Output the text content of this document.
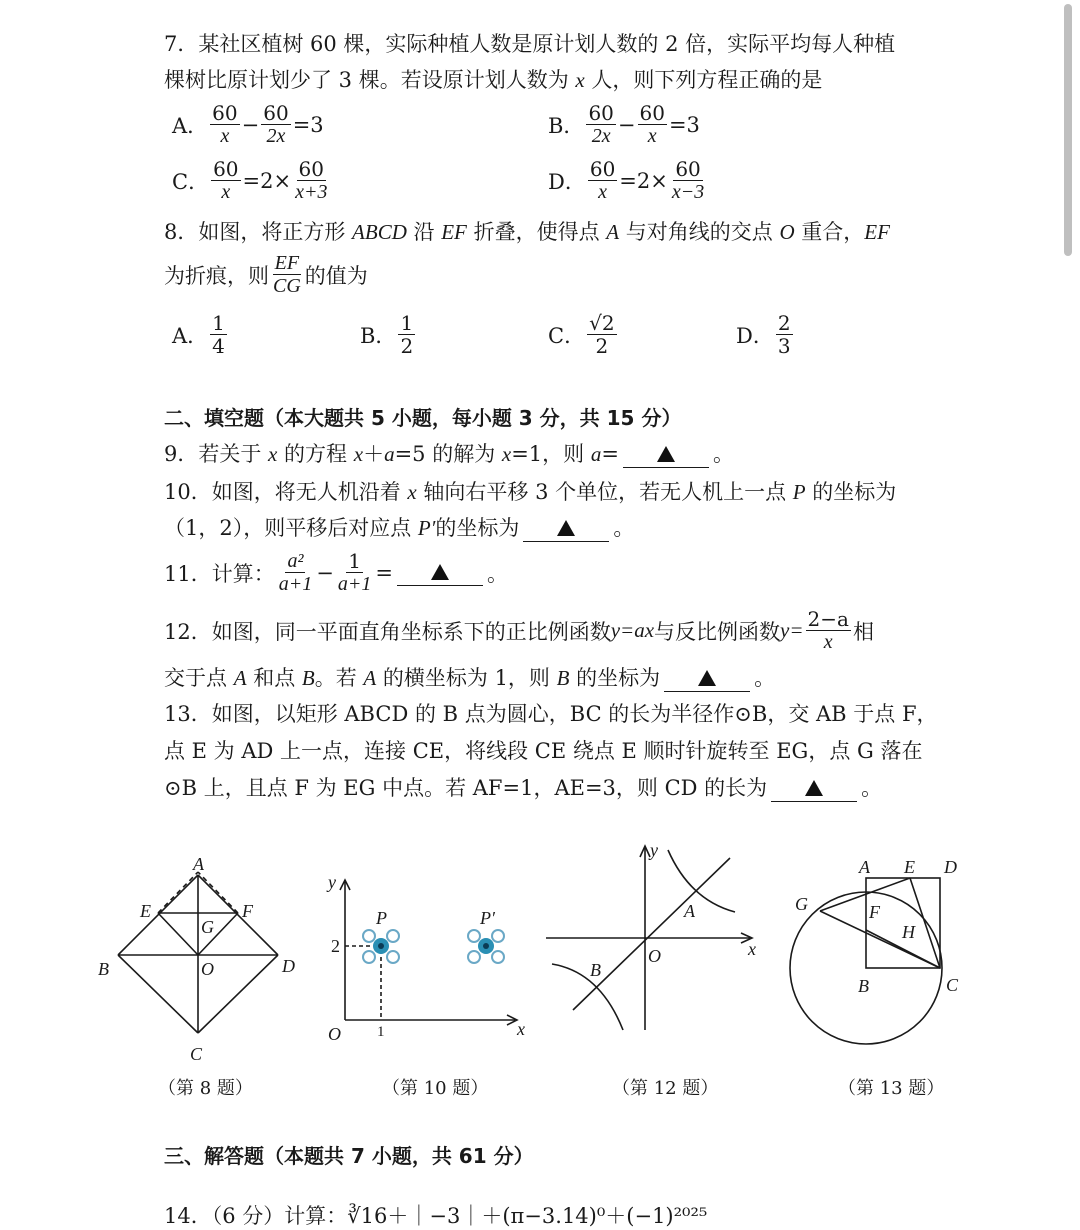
7．某社区植树 60 棵，实际种植人数是原计划人数的 2 倍，实际平均每人种植
棵树比原计划少了 3 棵。若设原计划人数为 x 人，则下列方程正确的是
A． $\frac{60}{x} - \frac{60}{2x} =3$	B． $\frac{60}{2x} - \frac{60}{x} =3$
C． $\frac{60}{x} =2\times \frac{60}{x+3}$	D． $\frac{60}{x} =2\times \frac{60}{x-3}$
8．如图，将正方形 ABCD 沿 EF 折叠，使得点 A 与对角线的交点 O 重合，EF
为折痕，则 $\frac{EF}{CG}$ 的值为
A． $\frac{1}{4}$	B． $\frac{1}{2}$	C． $\frac{√2}{2}$	D． $\frac{2}{3}$
二、填空题（本大题共 5 小题，每小题 3 分，共 15 分）
9．若关于 x 的方程 x＋a=5 的解为 x=1，则 a=	。
10．如图，将无人机沿着 x 轴向右平移 3 个单位，若无人机上一点 P 的坐标为
（1，2），则平移后对应点 P′的坐标为	。
11．计算： $\frac{\text{a²}}{a+1} - \frac{1}{a+1}$ =	。
12．如图，同一平面直角坐标系下的正比例函数 y=ax 与反比例函数 $y= \frac{2-a}{x}$ 相
交于点 A 和点 B。若 A 的横坐标为 1，则 B 的坐标为	。
13．如图，以矩形 ABCD 的 B 点为圆心，BC 的长为半径作⊙B，交 AB 于点 F，
点 E 为 AD 上一点，连接 CE，将线段 CE 绕点 E 顺时针旋转至 EG，点 G 落在
⊙B 上，且点 F 为 EG 中点。若 AF=1，AE=3，则 CD 的长为	。
A
E	F
G
B	O	D
C
y
P	P′
2
O 1	x
y
A
O	x
B
A E D
G	F
H
B	C
（第 8 题）	（第 10 题）	（第 12 题）	（第 13 题）
三、解答题（本题共 7 小题，共 61 分）
14．（6 分）计算：∛16＋｜−3｜＋(π−3.14)⁰＋(−1)²⁰²⁵
